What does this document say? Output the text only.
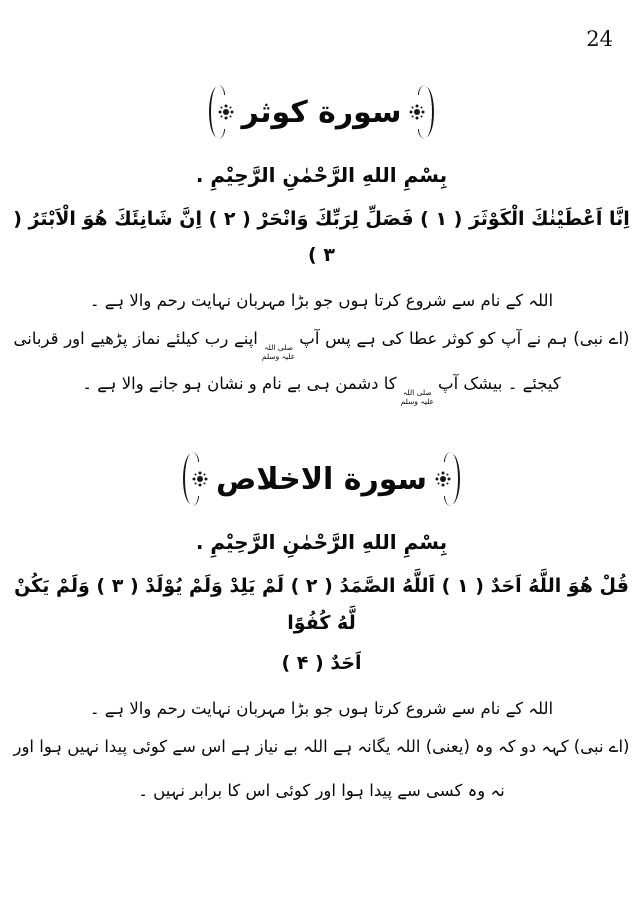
24
سورة كوثر

بِسْمِ اللهِ الرَّحْمٰنِ الرَّحِيْمِ .

اِنَّا اَعْطَيْنٰكَ الْكَوْثَرَ ( ۱ ) فَصَلِّ لِرَبِّكَ وَانْحَرْ ( ۲ ) اِنَّ شَانِئَكَ هُوَ الْاَبْتَرُ ( ۳ )

اللہ کے نام سے شروع کرتا ہوں جو بڑا مہربان نہایت رحم والا ہے ۔

(اے نبی) ہم نے آپ کو کوثر عطا کی ہے پس آپ
صلی اللہ
علیہ وسلم
اپنے رب کیلئے نماز پڑھیے اور قربانی کیجئے ۔ بیشک آپ
صلی اللہ
علیہ وسلم
کا دشمن ہی بے نام و نشان ہو جانے والا ہے ۔

سورة الاخلاص

بِسْمِ اللهِ الرَّحْمٰنِ الرَّحِيْمِ .

قُلْ هُوَ اللَّهُ اَحَدٌ ( ۱ ) اَللَّهُ الصَّمَدُ ( ۲ ) لَمْ يَلِدْ وَلَمْ يُوْلَدْ ( ۳ ) وَلَمْ يَكُنْ لَّهُ كُفُوًا

اَحَدٌ ( ۴ )

اللہ کے نام سے شروع کرتا ہوں جو بڑا مہربان نہایت رحم والا ہے ۔

(اے نبی) کہہ دو کہ وہ (یعنی) اللہ یگانہ ہے اللہ بے نیاز ہے اس سے کوئی پیدا نہیں ہوا اور نہ وہ کسی سے پیدا ہوا اور کوئی اس کا برابر نہیں ۔
